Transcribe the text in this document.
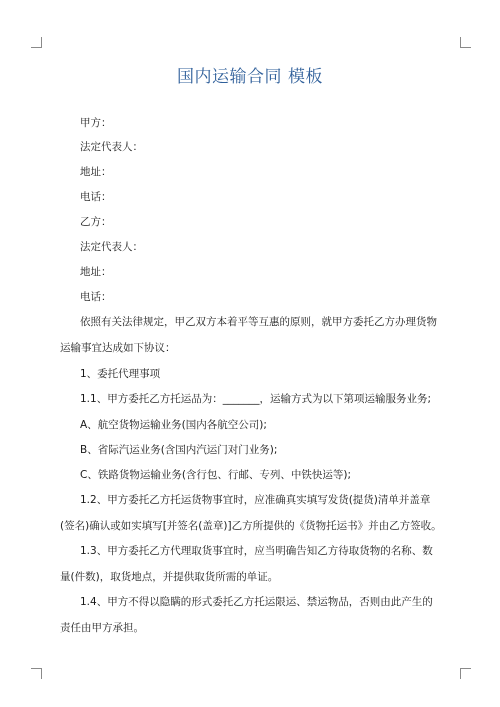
国内运输合同 模板
甲方：
法定代表人：
地址：
电话：
乙方：
法定代表人：
地址：
电话：
依照有关法律规定，甲乙双方本着平等互惠的原则，就甲方委托乙方办理货物运输事宜达成如下协议：
1、委托代理事项
1.1、甲方委托乙方托运品为：_______，运输方式为以下第项运输服务业务;
A、航空货物运输业务(国内各航空公司);
B、省际汽运业务(含国内汽运门对门业务);
C、铁路货物运输业务(含行包、行邮、专列、中铁快运等);
1.2、甲方委托乙方托运货物事宜时，应准确真实填写发货(提货)清单并盖章(签名)确认或如实填写[并签名(盖章)]乙方所提供的《货物托运书》并由乙方签收。
1.3、甲方委托乙方代理取货事宜时，应当明确告知乙方待取货物的名称、数量(件数)，取货地点，并提供取货所需的单证。
1.4、甲方不得以隐瞒的形式委托乙方托运限运、禁运物品，否则由此产生的责任由甲方承担。
